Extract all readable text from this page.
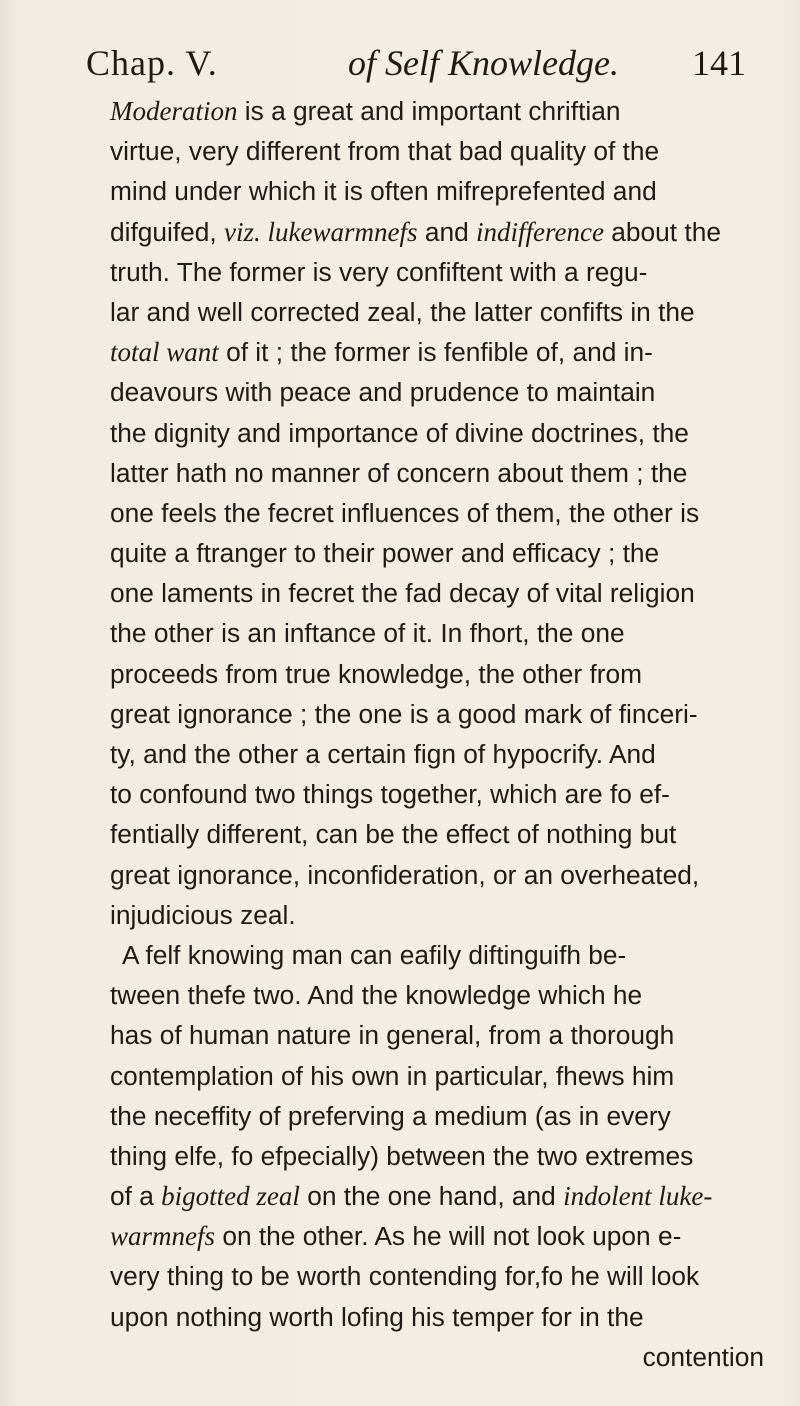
Chap. V.	of Self Knowledge. 141
Moderation is a great and important chriftian
virtue, very different from that bad quality of the
mind under which it is often mifreprefented and
difguifed, viz. lukewarmnefs and indifference about the
truth. The former is very confiftent with a regu-
lar and well corrected zeal, the latter confifts in the
total want of it ; the former is fenfible of, and in-
deavours with peace and prudence to maintain
the dignity and importance of divine doctrines, the
latter hath no manner of concern about them ; the
one feels the fecret influences of them, the other is
quite a ftranger to their power and efficacy ; the
one laments in fecret the fad decay of vital religion
the other is an inftance of it. In fhort, the one
proceeds from true knowledge, the other from
great ignorance ; the one is a good mark of finceri-
ty, and the other a certain fign of hypocrify. And
to confound two things together, which are fo ef-
fentially different, can be the effect of nothing but
great ignorance, inconfideration, or an overheated,
injudicious zeal.
A felf knowing man can eafily diftinguifh be-
tween thefe two. And the knowledge which he
has of human nature in general, from a thorough
contemplation of his own in particular, fhews him
the neceffity of preferving a medium (as in every
thing elfe, fo efpecially) between the two extremes
of a bigotted zeal on the one hand, and indolent luke-
warmnefs on the other. As he will not look upon e-
very thing to be worth contending for,fo he will look
upon nothing worth lofing his temper for in the
contention
